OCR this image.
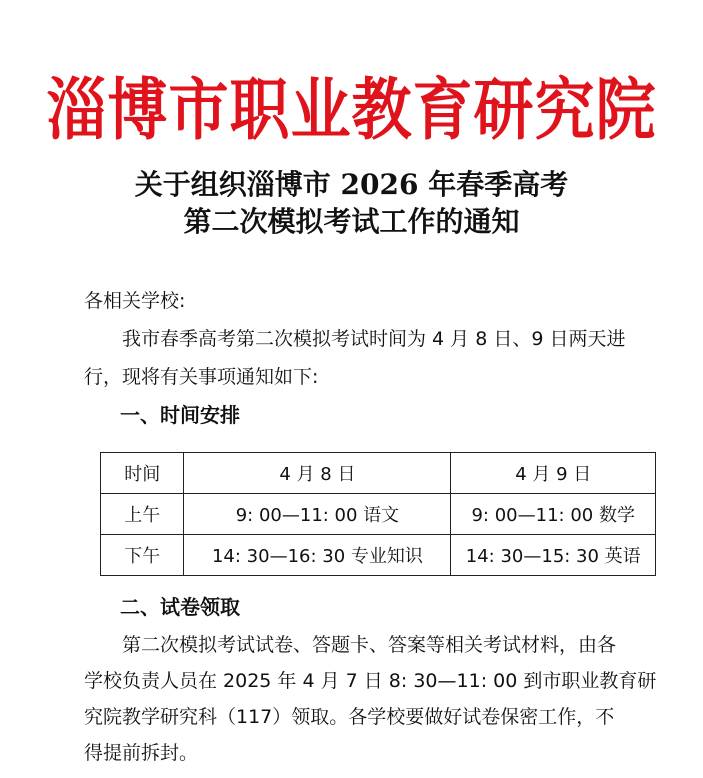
淄博市职业教育研究院
关于组织淄博市 2026 年春季高考
第二次模拟考试工作的通知
各相关学校:
我市春季高考第二次模拟考试时间为 4 月 8 日、9 日两天进
行，现将有关事项通知如下:
一、时间安排
时间	4 月 8 日	4 月 9 日
上午	9: 00—11: 00 语文	9: 00—11: 00 数学
下午	14: 30—16: 30 专业知识	14: 30—15: 30 英语
二、试卷领取
第二次模拟考试试卷、答题卡、答案等相关考试材料，由各
学校负责人员在 2025 年 4 月 7 日 8: 30—11: 00 到市职业教育研
究院教学研究科（117）领取。各学校要做好试卷保密工作，不
得提前拆封。
